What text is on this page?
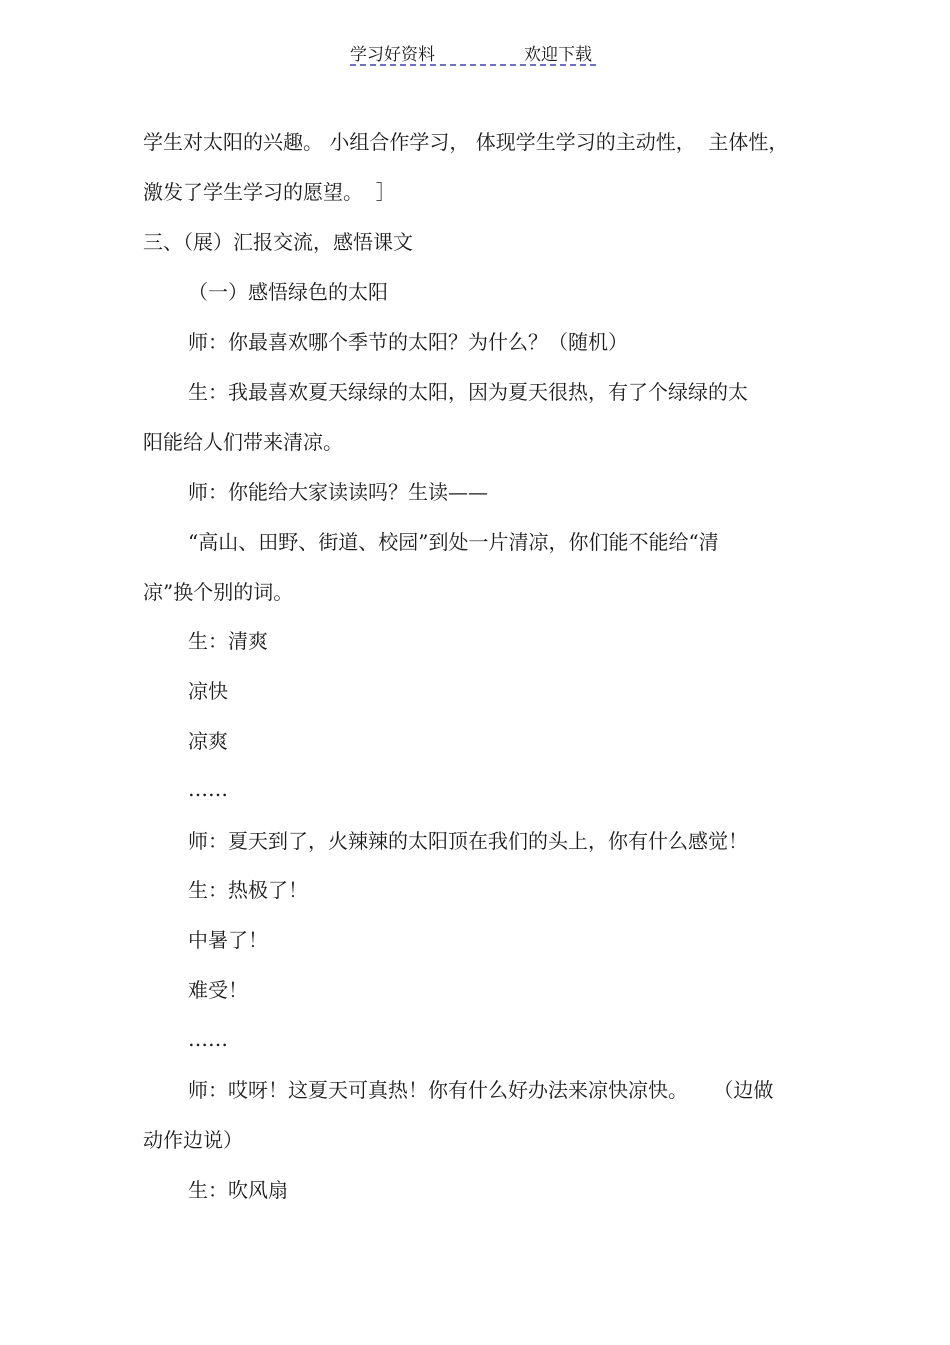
学习好资料	欢迎下载
学生对太阳的兴趣。 小组合作学习， 体现学生学习的主动性，  主体性，
激发了学生学习的愿望。  ］
三、（展）汇报交流，感悟课文
（一）感悟绿色的太阳
师：你最喜欢哪个季节的太阳？为什么？（随机）
生：我最喜欢夏天绿绿的太阳，因为夏天很热，有了个绿绿的太
阳能给人们带来清凉。
师：你能给大家读读吗？生读——
“高山、田野、街道、校园”到处一片清凉，你们能不能给“清
凉”换个别的词。
生：清爽
凉快
凉爽
……
师：夏天到了，火辣辣的太阳顶在我们的头上，你有什么感觉！
生：热极了！
中暑了！
难受！
……
师：哎呀！这夏天可真热！你有什么好办法来凉快凉快。    （边做
动作边说）
生：吹风扇
